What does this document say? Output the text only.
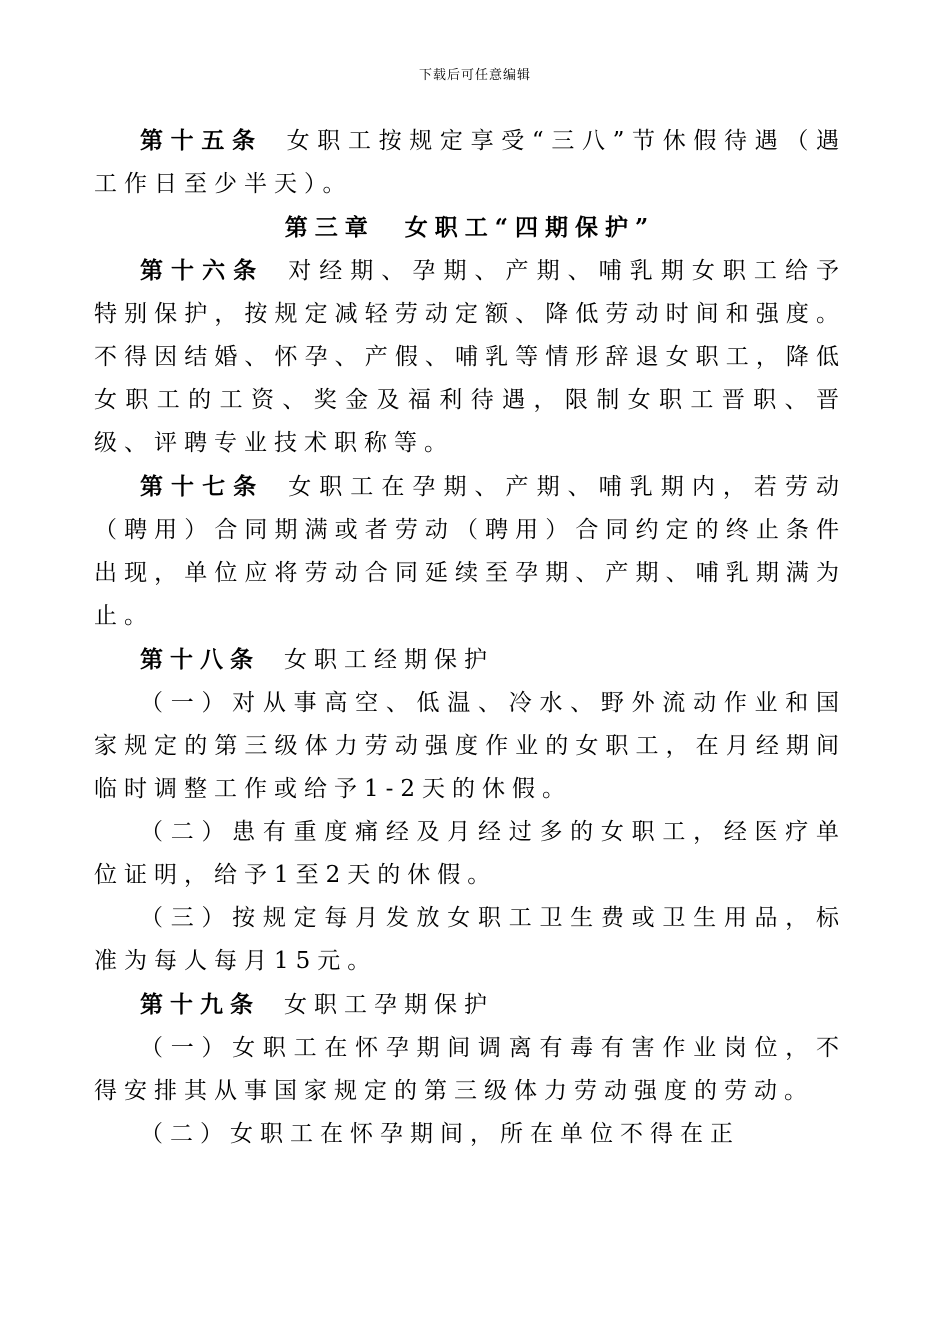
下载后可任意编辑

第十五条 女职工按规定享受“三八”节休假待遇（遇工作日至少半天）。

第三章　女职工“四期保护”

第十六条 对经期、孕期、产期、哺乳期女职工给予特别保护，按规定减轻劳动定额、降低劳动时间和强度。不得因结婚、怀孕、产假、哺乳等情形辞退女职工，降低女职工的工资、奖金及福利待遇，限制女职工晋职、晋级、评聘专业技术职称等。

第十七条 女职工在孕期、产期、哺乳期内，若劳动（聘用）合同期满或者劳动（聘用）合同约定的终止条件出现，单位应将劳动合同延续至孕期、产期、哺乳期满为止。

第十八条 女职工经期保护

（一）对从事高空、低温、冷水、野外流动作业和国家规定的第三级体力劳动强度作业的女职工，在月经期间临时调整工作或给予1-2天的休假。

（二）患有重度痛经及月经过多的女职工，经医疗单位证明，给予1至2天的休假。

（三）按规定每月发放女职工卫生费或卫生用品，标准为每人每月15元。

第十九条 女职工孕期保护

（一）女职工在怀孕期间调离有毒有害作业岗位，不得安排其从事国家规定的第三级体力劳动强度的劳动。

（二）女职工在怀孕期间，所在单位不得在正
